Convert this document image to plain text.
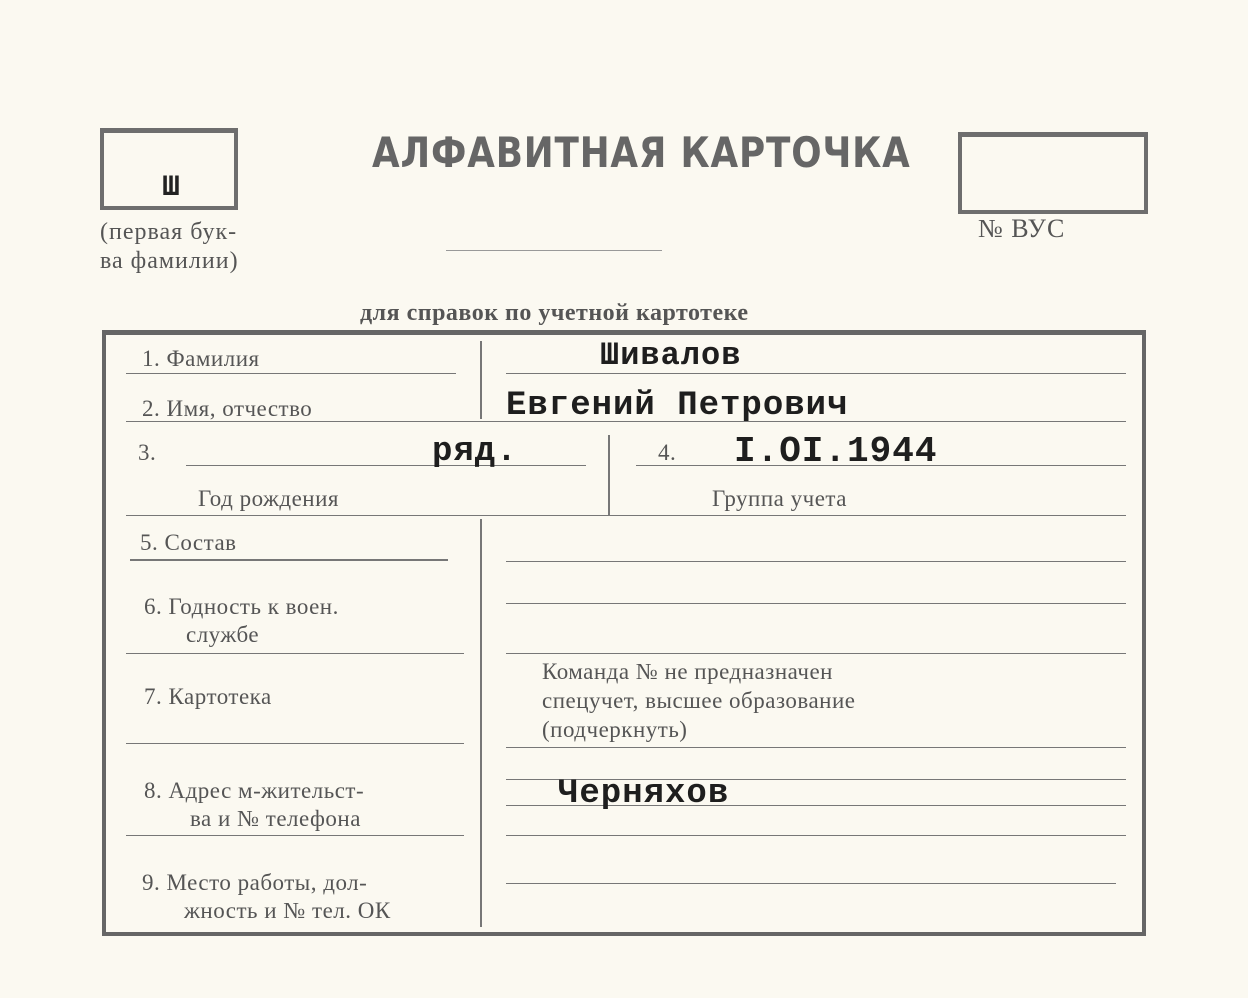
Ш
(первая бук-
ва фамилии)
АЛФАВИТНАЯ КАРТОЧКА
№ ВУС
для справок по учетной картотеке
1. Фамилия	Шивалов
2. Имя, отчество	Евгений Петрович
3.	ряд.
Год рождения
4. I.OI.1944
Группа учета
5. Состав
6. Годность к воен.
службе
7. Картотека
Команда № не предназначен
спецучет, высшее образование
(подчеркнуть)
8. Адрес м-жительст-
ва и № телефона
Черняхов
9. Место работы, дол-
жность и № тел. ОК
